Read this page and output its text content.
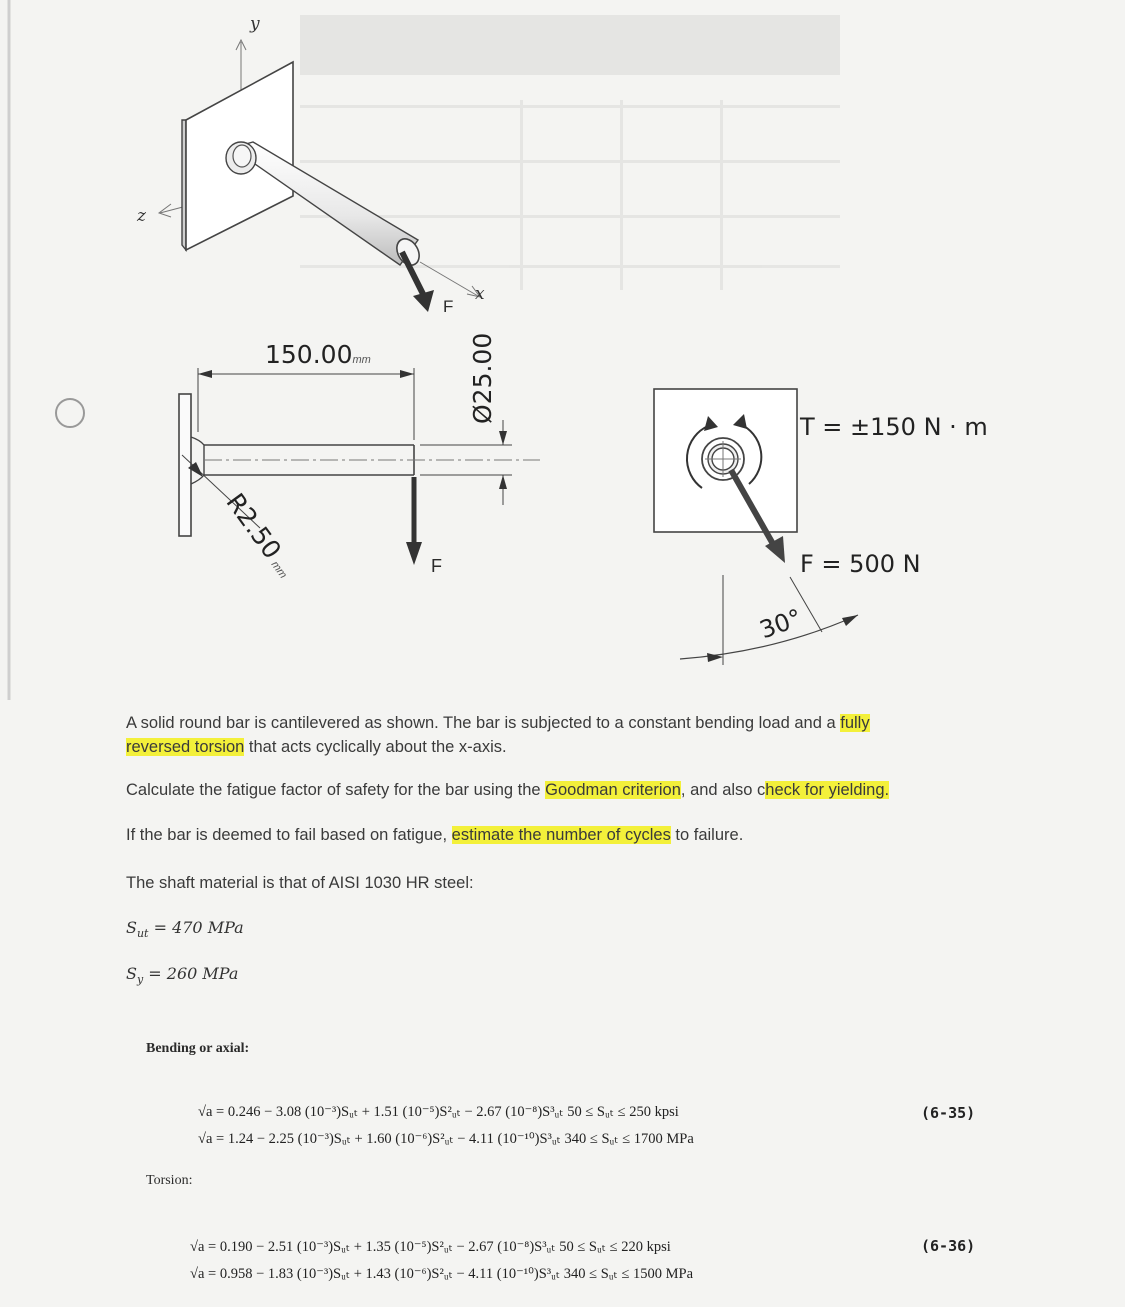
y
z
x
F
150.00mm	Ø25.00
R2.50 mm	F
T = ±150 N · m
F = 500 N
30°
A solid round bar is cantilevered as shown. The bar is subjected to a constant bending load and a fully
reversed torsion that acts cyclically about the x-axis.
Calculate the fatigue factor of safety for the bar using the Goodman criterion, and also check for yielding.
If the bar is deemed to fail based on fatigue, estimate the number of cycles to failure.
The shaft material is that of AISI 1030 HR steel:
$S_{ut} = 470$ MPa
$S_y = 260$ MPa
Bending or axial:
√a = 0.246 − 3.08 (10⁻³)Sᵤₜ + 1.51 (10⁻⁵)S²ᵤₜ − 2.67 (10⁻⁸)S³ᵤₜ 50 ≤ Sᵤₜ ≤ 250 kpsi
√a = 1.24 − 2.25 (10⁻³)Sᵤₜ + 1.60 (10⁻⁶)S²ᵤₜ − 4.11 (10⁻¹⁰)S³ᵤₜ 340 ≤ Sᵤₜ ≤ 1700 MPa
(6-35)
Torsion:
√a = 0.190 − 2.51 (10⁻³)Sᵤₜ + 1.35 (10⁻⁵)S²ᵤₜ − 2.67 (10⁻⁸)S³ᵤₜ 50 ≤ Sᵤₜ ≤ 220 kpsi
√a = 0.958 − 1.83 (10⁻³)Sᵤₜ + 1.43 (10⁻⁶)S²ᵤₜ − 4.11 (10⁻¹⁰)S³ᵤₜ 340 ≤ Sᵤₜ ≤ 1500 MPa
(6-36)
